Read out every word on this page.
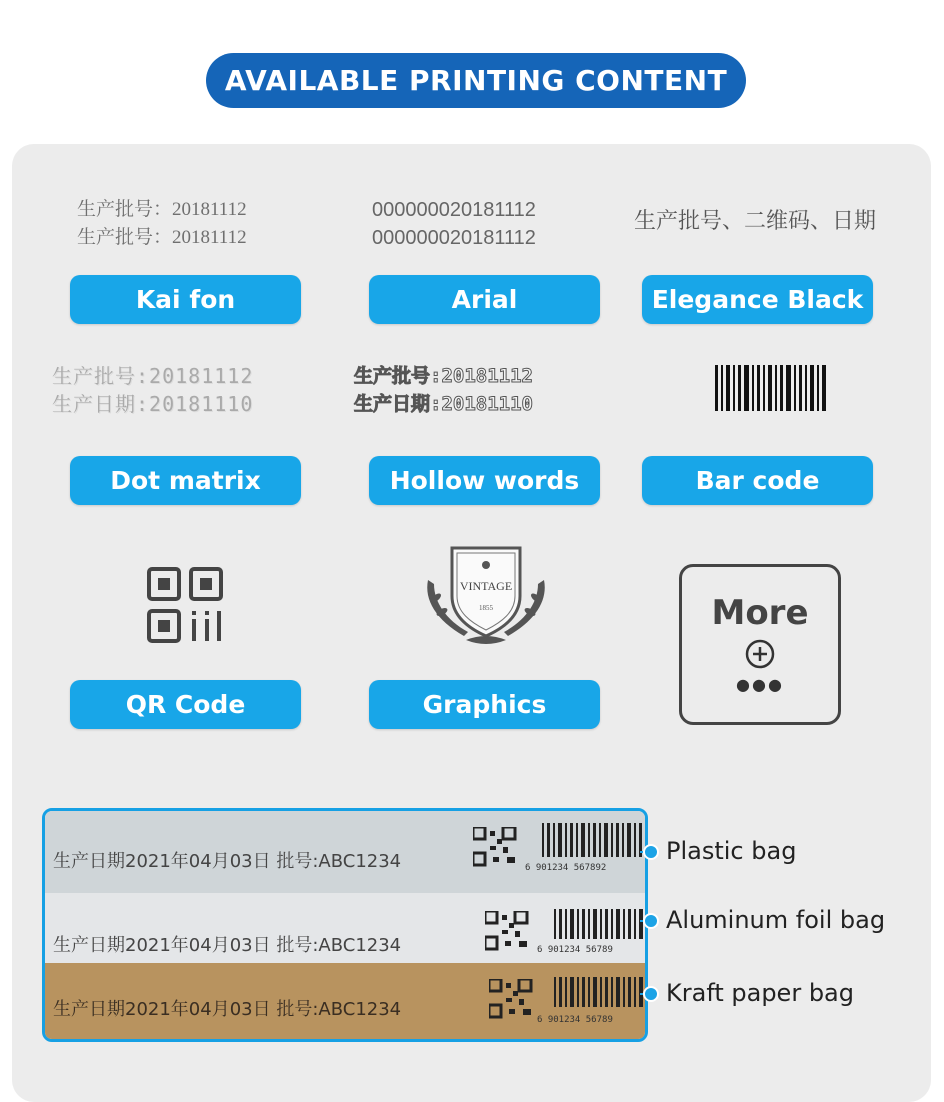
AVAILABLE PRINTING CONTENT
生产批号：20181112
生产批号：20181112
000000020181112
000000020181112
生产批号、二维码、日期
Kai fon	Arial	Elegance Black
生产批号:20181112
生产日期:20181110
生产批号:20181112
生产日期:20181110
Dot matrix	Hollow words	Bar code
VINTAGE
1855	More
●●●
QR Code	Graphics
生产日期2021年04月03日 批号:ABC1234	6 901234 567892
生产日期2021年04月03日 批号:ABC1234	6 901234 56789
生产日期2021年04月03日 批号:ABC1234	6 901234 56789
Plastic bag
Aluminum foil bag
Kraft paper bag
